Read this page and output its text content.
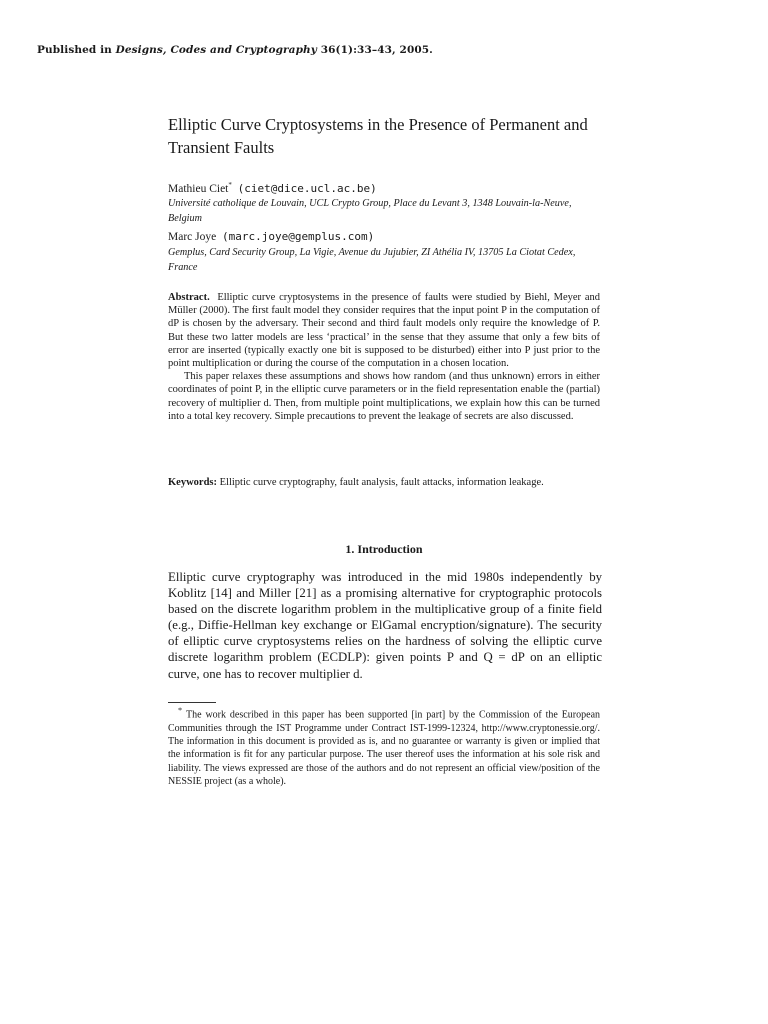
Published in Designs, Codes and Cryptography 36(1):33–43, 2005.
Elliptic Curve Cryptosystems in the Presence of Permanent and Transient Faults
Mathieu Ciet* (ciet@dice.ucl.ac.be)
Université catholique de Louvain, UCL Crypto Group, Place du Levant 3, 1348 Louvain-la-Neuve, Belgium
Marc Joye (marc.joye@gemplus.com)
Gemplus, Card Security Group, La Vigie, Avenue du Jujubier, ZI Athélia IV, 13705 La Ciotat Cedex, France

Abstract. Elliptic curve cryptosystems in the presence of faults were studied by Biehl, Meyer and Müller (2000). The first fault model they consider requires that the input point P in the computation of dP is chosen by the adversary. Their second and third fault models only require the knowledge of P. But these two latter models are less ‘practical’ in the sense that they assume that only a few bits of error are inserted (typically exactly one bit is supposed to be disturbed) either into P just prior to the point multiplication or during the course of the computation in a chosen location.

This paper relaxes these assumptions and shows how random (and thus unknown) errors in either coordinates of point P, in the elliptic curve parameters or in the field representation enable the (partial) recovery of multiplier d. Then, from multiple point multiplications, we explain how this can be turned into a total key recovery. Simple precautions to prevent the leakage of secrets are also discussed.

Keywords: Elliptic curve cryptography, fault analysis, fault attacks, information leakage.
1. Introduction
Elliptic curve cryptography was introduced in the mid 1980s independently by Koblitz [14] and Miller [21] as a promising alternative for cryptographic protocols based on the discrete logarithm problem in the multiplicative group of a finite field (e.g., Diffie-Hellman key exchange or ElGamal encryption/signature). The security of elliptic curve cryptosystems relies on the hardness of solving the elliptic curve discrete logarithm problem (ECDLP): given points P and Q = dP on an elliptic curve, one has to recover multiplier d.

* The work described in this paper has been supported [in part] by the Commission of the European Communities through the IST Programme under Contract IST-1999-12324, http://www.cryptonessie.org/. The information in this document is provided as is, and no guarantee or warranty is given or implied that the information is fit for any particular purpose. The user thereof uses the information at his sole risk and liability. The views expressed are those of the authors and do not represent an official view/position of the NESSIE project (as a whole).
